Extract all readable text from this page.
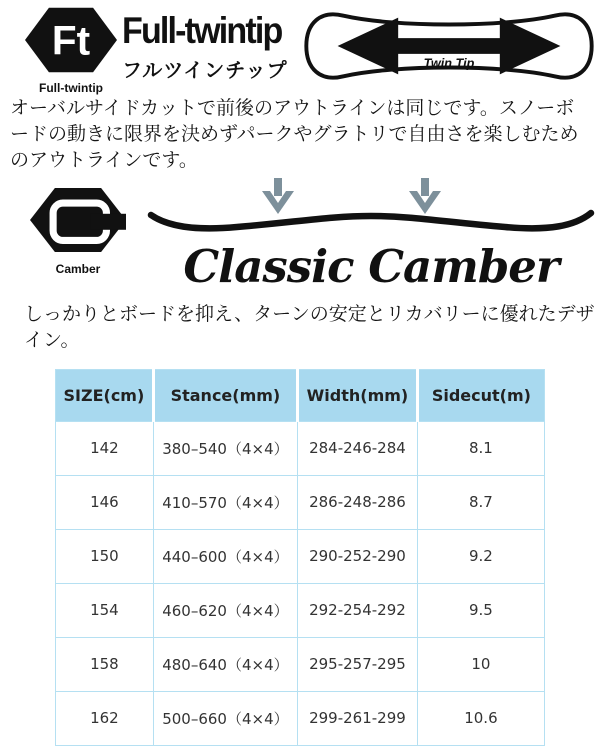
Ft
Full-twintip
Full-twintip
フルツインチップ	Twin Tip

オーバルサイドカットで前後のアウトラインは同じです。スノーボードの動きに限界を決めずパークやグラトリで自由さを楽しむためのアウトラインです。

Camber	Classic Camber

しっかりとボードを抑え、ターンの安定とリカバリーに優れたデザイン。

SIZE(cm)	Stance(mm)	Width(mm)	Sidecut(m)
142	380–540（4×4）	284-246-284	8.1
146	410–570（4×4）	286-248-286	8.7
150	440–600（4×4）	290-252-290	9.2
154	460–620（4×4）	292-254-292	9.5
158	480–640（4×4）	295-257-295	10
162	500–660（4×4）	299-261-299	10.6
